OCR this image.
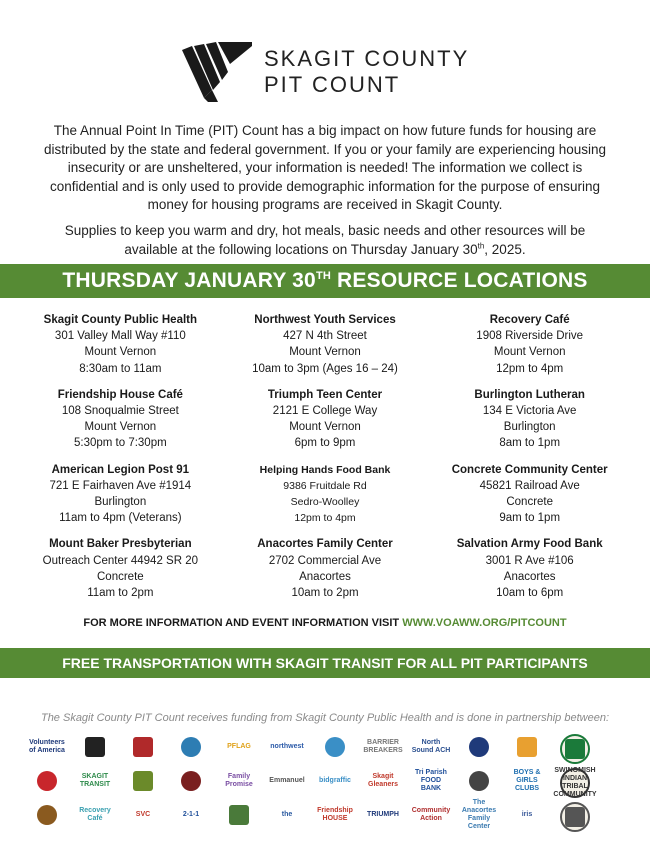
SKAGIT COUNTY
PIT COUNT

The Annual Point In Time (PIT) Count has a big impact on how future funds for housing are distributed by the state and federal government. If you or your family are experiencing housing insecurity or are unsheltered, your information is needed! The information we collect is confidential and is only used to provide demographic information for the purpose of ensuring money for housing programs are received in Skagit County.

Supplies to keep you warm and dry, hot meals, basic needs and other resources will be available at the following locations on Thursday January 30th, 2025.

THURSDAY JANUARY 30TH RESOURCE LOCATIONS
Skagit County Public Health
301 Valley Mall Way #110
Mount Vernon
8:30am to 11am
Friendship House Café
108 Snoqualmie Street
Mount Vernon
5:30pm to 7:30pm
American Legion Post 91
721 E Fairhaven Ave #1914
Burlington
11am to 4pm (Veterans)
Mount Baker Presbyterian
Outreach Center 44942 SR 20
Concrete
11am to 2pm
Northwest Youth Services
427 N 4th Street
Mount Vernon
10am to 3pm (Ages 16 – 24)
Triumph Teen Center
2121 E College Way
Mount Vernon
6pm to 9pm
Helping Hands Food Bank
9386 Fruitdale Rd
Sedro-Woolley
12pm to 4pm
Anacortes Family Center
2702 Commercial Ave
Anacortes
10am to 2pm
Recovery Café
1908 Riverside Drive
Mount Vernon
12pm to 4pm
Burlington Lutheran
134 E Victoria Ave
Burlington
8am to 1pm
Concrete Community Center
45821 Railroad Ave
Concrete
9am to 1pm
Salvation Army Food Bank
3001 R Ave #106
Anacortes
10am to 6pm
FOR MORE INFORMATION AND EVENT INFORMATION VISIT WWW.VOAWW.ORG/PITCOUNT
FREE TRANSPORTATION WITH SKAGIT TRANSIT FOR ALL PIT PARTICIPANTS
The Skagit County PIT Count receives funding from Skagit County Public Health and is done in partnership between:
Volunteers of America
PFLAG	northwest
BARRIER BREAKERS
North Sound ACH
SKAGIT TRANSIT
Family Promise
Emmanuel	bidgraffic
Skagit Gleaners
Tri Parish FOOD BANK
BOYS & GIRLS CLUBS
SWINOMISH INDIAN TRIBAL COMMUNITY
Recovery Café
SVC	2-1-1	the
Friendship HOUSE
TRIUMPH
Community Action
The Anacortes Family Center
iris
